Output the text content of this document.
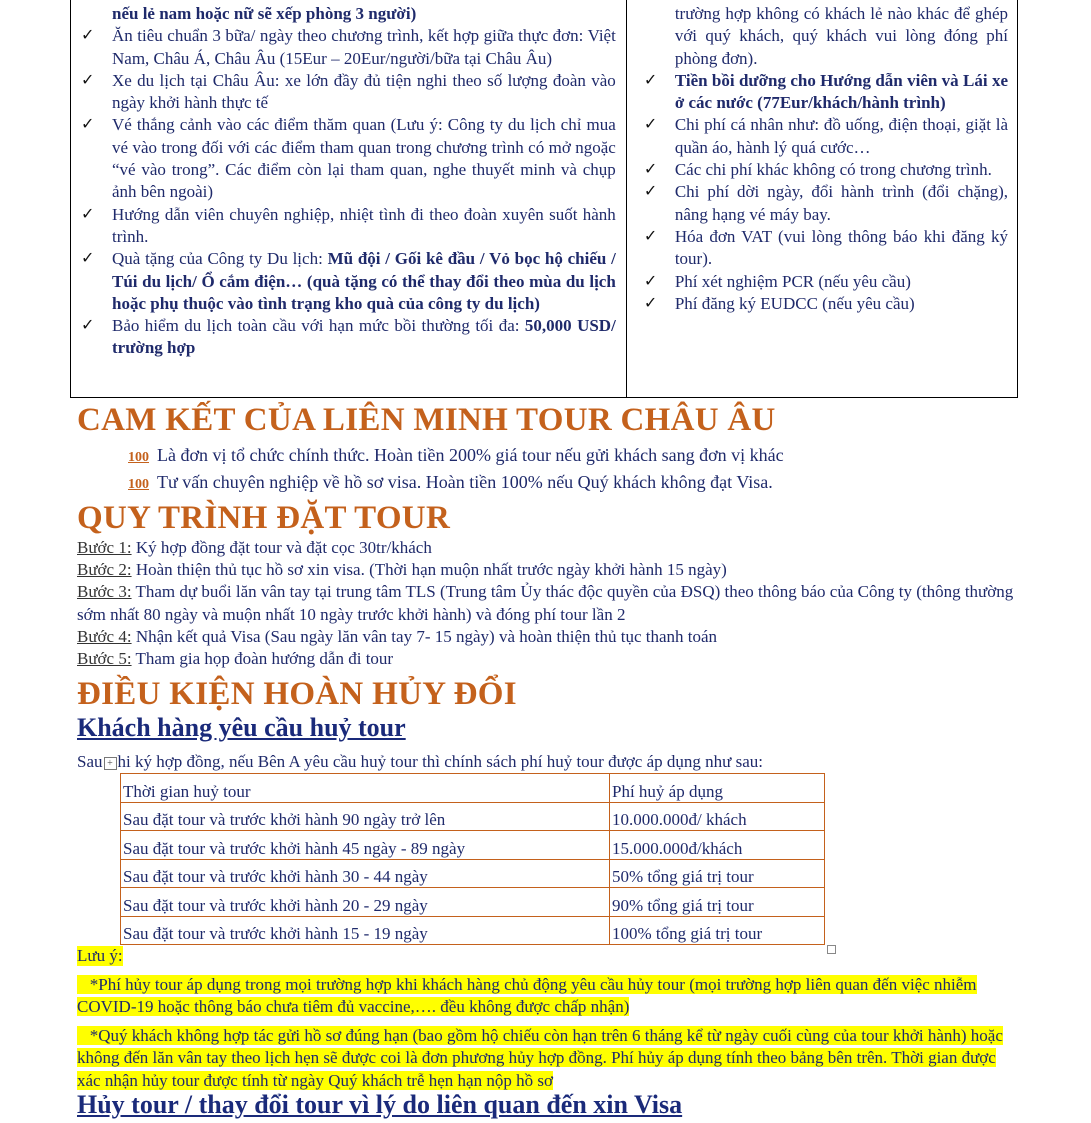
nếu lẻ nam hoặc nữ sẽ xếp phòng 3 người)
✓ Ăn tiêu chuẩn 3 bữa/ ngày theo chương trình, kết hợp giữa thực đơn: Việt Nam, Châu Á, Châu Âu (15Eur – 20Eur/người/bữa tại Châu Âu)
✓ Xe du lịch tại Châu Âu: xe lớn đầy đủ tiện nghi theo số lượng đoàn vào ngày khởi hành thực tế
✓ Vé thắng cảnh vào các điểm thăm quan (Lưu ý: Công ty du lịch chỉ mua vé vào trong đối với các điểm tham quan trong chương trình có mở ngoặc “vé vào trong”. Các điểm còn lại tham quan, nghe thuyết minh và chụp ảnh bên ngoài)
✓ Hướng dẫn viên chuyên nghiệp, nhiệt tình đi theo đoàn xuyên suốt hành trình.
✓ Quà tặng của Công ty Du lịch: Mũ đội / Gối kê đầu / Vỏ bọc hộ chiếu / Túi du lịch/ Ổ cắm điện… (quà tặng có thể thay đổi theo mùa du lịch hoặc phụ thuộc vào tình trạng kho quà của công ty du lịch)
✓ Bảo hiểm du lịch toàn cầu với hạn mức bồi thường tối đa: 50,000 USD/ trường hợp
trường hợp không có khách lẻ nào khác để ghép với quý khách, quý khách vui lòng đóng phí phòng đơn).
✓ Tiền bồi dưỡng cho Hướng dẫn viên và Lái xe ở các nước (77Eur/khách/hành trình)
✓ Chi phí cá nhân như: đồ uống, điện thoại, giặt là quần áo, hành lý quá cước…
✓ Các chi phí khác không có trong chương trình.
✓ Chi phí dời ngày, đổi hành trình (đổi chặng), nâng hạng vé máy bay.
✓ Hóa đơn VAT (vui lòng thông báo khi đăng ký tour).
✓ Phí xét nghiệm PCR (nếu yêu cầu)
✓ Phí đăng ký EUDCC (nếu yêu cầu)
CAM KẾT CỦA LIÊN MINH TOUR CHÂU ÂU
100 Là đơn vị tổ chức chính thức. Hoàn tiền 200% giá tour nếu gửi khách sang đơn vị khác
100 Tư vấn chuyên nghiệp về hồ sơ visa. Hoàn tiền 100% nếu Quý khách không đạt Visa.
QUY TRÌNH ĐẶT TOUR
Bước 1: Ký hợp đồng đặt tour và đặt cọc 30tr/khách
Bước 2: Hoàn thiện thủ tục hồ sơ xin visa. (Thời hạn muộn nhất trước ngày khởi hành 15 ngày)
Bước 3: Tham dự buổi lăn vân tay tại trung tâm TLS (Trung tâm Ủy thác độc quyền của ĐSQ) theo thông báo của Công ty (thông thường sớm nhất 80 ngày và muộn nhất 10 ngày trước khởi hành) và đóng phí tour lần 2
Bước 4: Nhận kết quả Visa (Sau ngày lăn vân tay 7- 15 ngày) và hoàn thiện thủ tục thanh toán
Bước 5: Tham gia họp đoàn hướng dẫn đi tour
ĐIỀU KIỆN HOÀN HỦY ĐỔI
Khách hàng yêu cầu huỷ tour
Sau + hi ký hợp đồng, nếu Bên A yêu cầu huỷ tour thì chính sách phí huỷ tour được áp dụng như sau:
Thời gian huỷ tour	Phí huỷ áp dụng
Sau đặt tour và trước khởi hành 90 ngày trở lên	10.000.000đ/ khách
Sau đặt tour và trước khởi hành 45 ngày - 89 ngày	15.000.000đ/khách
Sau đặt tour và trước khởi hành 30 - 44 ngày	50% tổng giá trị tour
Sau đặt tour và trước khởi hành 20 - 29 ngày	90% tổng giá trị tour
Sau đặt tour và trước khởi hành 15 - 19 ngày	100% tổng giá trị tour
Lưu ý:
*Phí hủy tour áp dụng trong mọi trường hợp khi khách hàng chủ động yêu cầu hủy tour (mọi trường hợp liên quan đến việc nhiễm COVID-19 hoặc thông báo chưa tiêm đủ vaccine,…. đều không được chấp nhận)
*Quý khách không hợp tác gửi hồ sơ đúng hạn (bao gồm hộ chiếu còn hạn trên 6 tháng kể từ ngày cuối cùng của tour khởi hành) hoặc không đến lăn vân tay theo lịch hẹn sẽ được coi là đơn phương hủy hợp đồng. Phí hủy áp dụng tính theo bảng bên trên. Thời gian được xác nhận hủy tour được tính từ ngày Quý khách trễ hẹn hạn nộp hồ sơ
Hủy tour / thay đổi tour vì lý do liên quan đến xin Visa
